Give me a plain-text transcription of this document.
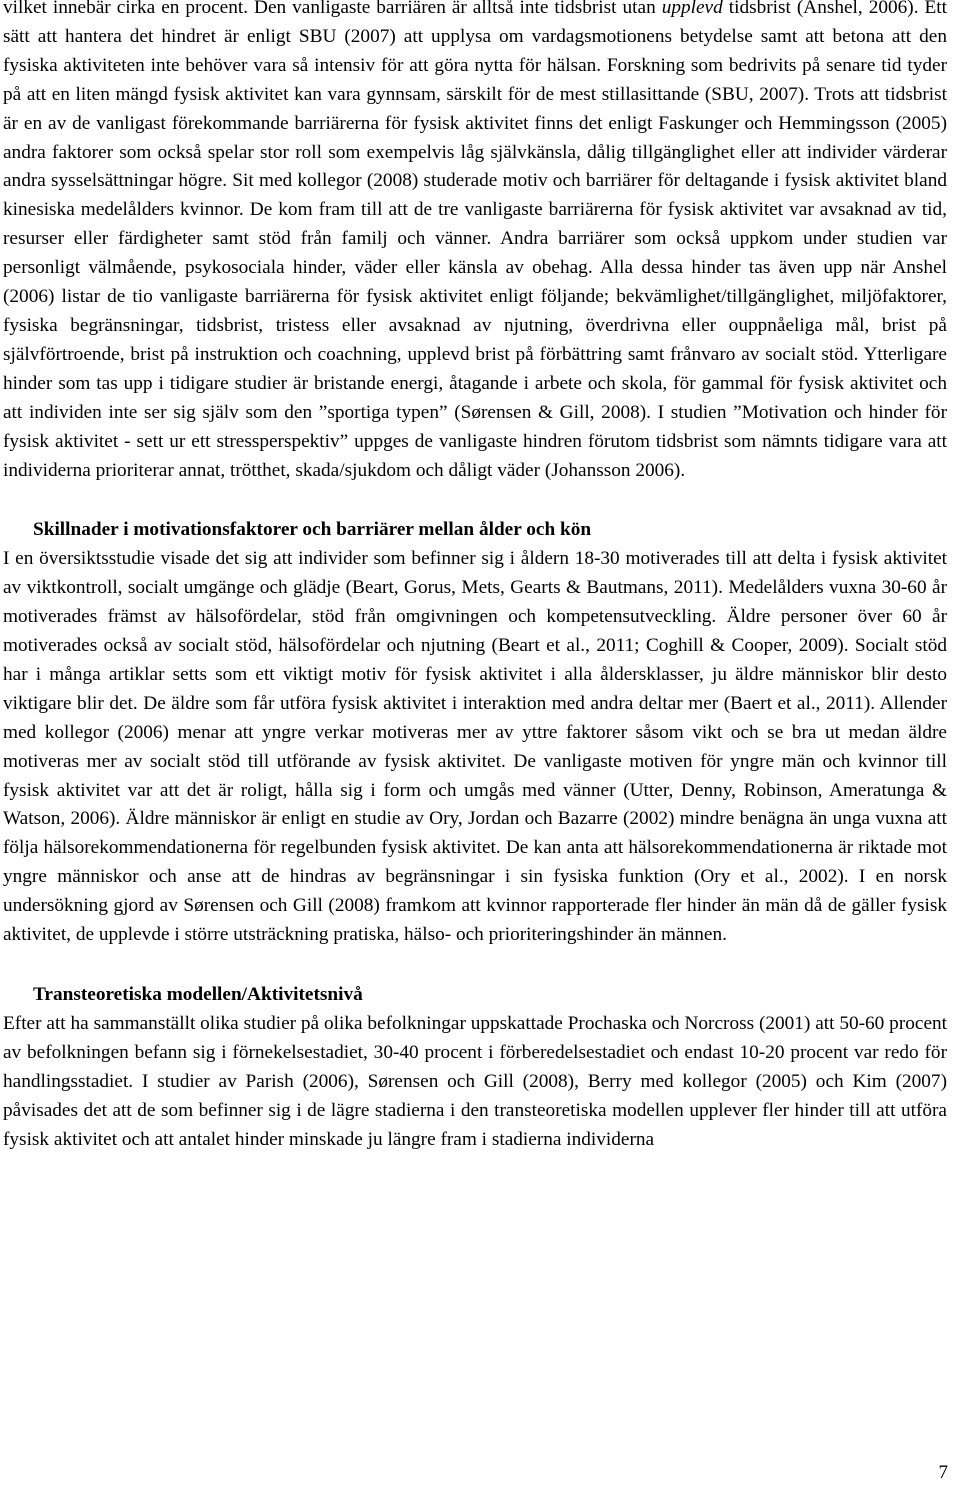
vilket innebär cirka en procent. Den vanligaste barriären är alltså inte tidsbrist utan upplevd tidsbrist (Anshel, 2006). Ett sätt att hantera det hindret är enligt SBU (2007) att upplysa om vardagsmotionens betydelse samt att betona att den fysiska aktiviteten inte behöver vara så intensiv för att göra nytta för hälsan. Forskning som bedrivits på senare tid tyder på att en liten mängd fysisk aktivitet kan vara gynnsam, särskilt för de mest stillasittande (SBU, 2007). Trots att tidsbrist är en av de vanligast förekommande barriärerna för fysisk aktivitet finns det enligt Faskunger och Hemmingsson (2005) andra faktorer som också spelar stor roll som exempelvis låg självkänsla, dålig tillgänglighet eller att individer värderar andra sysselsättningar högre. Sit med kollegor (2008) studerade motiv och barriärer för deltagande i fysisk aktivitet bland kinesiska medelålders kvinnor. De kom fram till att de tre vanligaste barriärerna för fysisk aktivitet var avsaknad av tid, resurser eller färdigheter samt stöd från familj och vänner. Andra barriärer som också uppkom under studien var personligt välmående, psykosociala hinder, väder eller känsla av obehag. Alla dessa hinder tas även upp när Anshel (2006) listar de tio vanligaste barriärerna för fysisk aktivitet enligt följande; bekvämlighet/tillgänglighet, miljöfaktorer, fysiska begränsningar, tidsbrist, tristess eller avsaknad av njutning, överdrivna eller ouppnåeliga mål, brist på självförtroende, brist på instruktion och coachning, upplevd brist på förbättring samt frånvaro av socialt stöd. Ytterligare hinder som tas upp i tidigare studier är bristande energi, åtagande i arbete och skola, för gammal för fysisk aktivitet och att individen inte ser sig själv som den ”sportiga typen” (Sørensen & Gill, 2008). I studien ”Motivation och hinder för fysisk aktivitet - sett ur ett stressperspektiv” uppges de vanligaste hindren förutom tidsbrist som nämnts tidigare vara att individerna prioriterar annat, trötthet, skada/sjukdom och dåligt väder (Johansson 2006).

Skillnader i motivationsfaktorer och barriärer mellan ålder och kön

I en översiktsstudie visade det sig att individer som befinner sig i åldern 18-30 motiverades till att delta i fysisk aktivitet av viktkontroll, socialt umgänge och glädje (Beart, Gorus, Mets, Gearts & Bautmans, 2011). Medelålders vuxna 30-60 år motiverades främst av hälsofördelar, stöd från omgivningen och kompetensutveckling. Äldre personer över 60 år motiverades också av socialt stöd, hälsofördelar och njutning (Beart et al., 2011; Coghill & Cooper, 2009). Socialt stöd har i många artiklar setts som ett viktigt motiv för fysisk aktivitet i alla åldersklasser, ju äldre människor blir desto viktigare blir det. De äldre som får utföra fysisk aktivitet i interaktion med andra deltar mer (Baert et al., 2011). Allender med kollegor (2006) menar att yngre verkar motiveras mer av yttre faktorer såsom vikt och se bra ut medan äldre motiveras mer av socialt stöd till utförande av fysisk aktivitet. De vanligaste motiven för yngre män och kvinnor till fysisk aktivitet var att det är roligt, hålla sig i form och umgås med vänner (Utter, Denny, Robinson, Ameratunga & Watson, 2006). Äldre människor är enligt en studie av Ory, Jordan och Bazarre (2002) mindre benägna än unga vuxna att följa hälsorekommendationerna för regelbunden fysisk aktivitet. De kan anta att hälsorekommendationerna är riktade mot yngre människor och anse att de hindras av begränsningar i sin fysiska funktion (Ory et al., 2002). I en norsk undersökning gjord av Sørensen och Gill (2008) framkom att kvinnor rapporterade fler hinder än män då de gäller fysisk aktivitet, de upplevde i större utsträckning pratiska, hälso- och prioriteringshinder än männen.

Transteoretiska modellen/Aktivitetsnivå

Efter att ha sammanställt olika studier på olika befolkningar uppskattade Prochaska och Norcross (2001) att 50-60 procent av befolkningen befann sig i förnekelsestadiet, 30-40 procent i förberedelsestadiet och endast 10-20 procent var redo för handlingsstadiet. I studier av Parish (2006), Sørensen och Gill (2008), Berry med kollegor (2005) och Kim (2007) påvisades det att de som befinner sig i de lägre stadierna i den transteoretiska modellen upplever fler hinder till att utföra fysisk aktivitet och att antalet hinder minskade ju längre fram i stadierna individerna

7
